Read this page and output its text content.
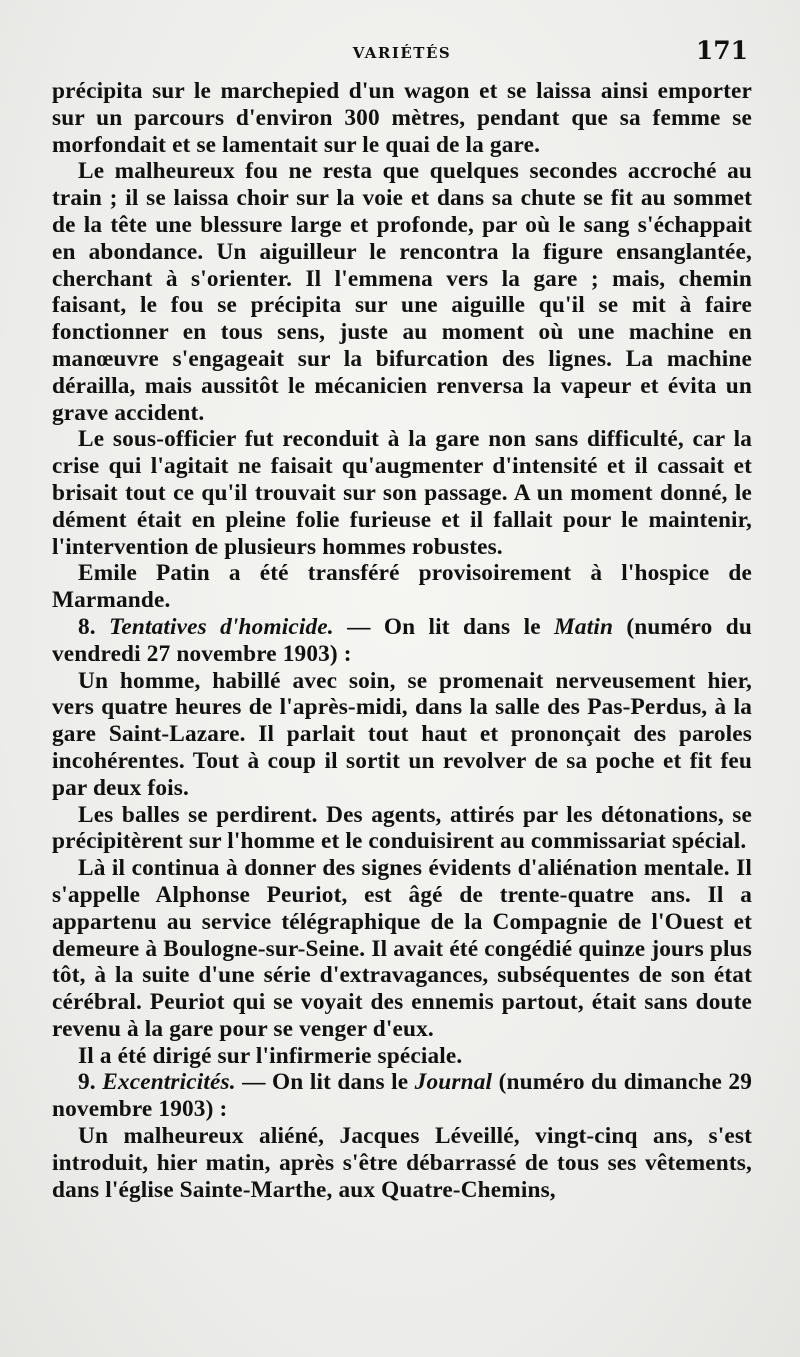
VARIÉTÉS	171

précipita sur le marchepied d'un wagon et se laissa ainsi emporter sur un parcours d'environ 300 mètres, pendant que sa femme se morfondait et se lamentait sur le quai de la gare.

Le malheureux fou ne resta que quelques secondes accroché au train ; il se laissa choir sur la voie et dans sa chute se fit au sommet de la tête une blessure large et profonde, par où le sang s'échappait en abondance. Un aiguilleur le rencontra la figure ensanglantée, cherchant à s'orienter. Il l'emmena vers la gare ; mais, chemin faisant, le fou se précipita sur une aiguille qu'il se mit à faire fonctionner en tous sens, juste au moment où une machine en manœuvre s'engageait sur la bifurcation des lignes. La machine dérailla, mais aussitôt le mécanicien renversa la vapeur et évita un grave accident.

Le sous-officier fut reconduit à la gare non sans difficulté, car la crise qui l'agitait ne faisait qu'augmenter d'intensité et il cassait et brisait tout ce qu'il trouvait sur son passage. A un moment donné, le dément était en pleine folie furieuse et il fallait pour le maintenir, l'intervention de plusieurs hommes robustes.

Emile Patin a été transféré provisoirement à l'hospice de Marmande.

8. Tentatives d'homicide. — On lit dans le Matin (numéro du vendredi 27 novembre 1903) :

Un homme, habillé avec soin, se promenait nerveusement hier, vers quatre heures de l'après-midi, dans la salle des Pas-Perdus, à la gare Saint-Lazare. Il parlait tout haut et prononçait des paroles incohérentes. Tout à coup il sortit un revolver de sa poche et fit feu par deux fois.

Les balles se perdirent. Des agents, attirés par les détonations, se précipitèrent sur l'homme et le conduisirent au commissariat spécial.

Là il continua à donner des signes évidents d'aliénation mentale. Il s'appelle Alphonse Peuriot, est âgé de trente-quatre ans. Il a appartenu au service télégraphique de la Compagnie de l'Ouest et demeure à Boulogne-sur-Seine. Il avait été congédié quinze jours plus tôt, à la suite d'une série d'extravagances, subséquentes de son état cérébral. Peuriot qui se voyait des ennemis partout, était sans doute revenu à la gare pour se venger d'eux.

Il a été dirigé sur l'infirmerie spéciale.

9. Excentricités. — On lit dans le Journal (numéro du dimanche 29 novembre 1903) :

Un malheureux aliéné, Jacques Léveillé, vingt-cinq ans, s'est introduit, hier matin, après s'être débarrassé de tous ses vêtements, dans l'église Sainte-Marthe, aux Quatre-Chemins,
